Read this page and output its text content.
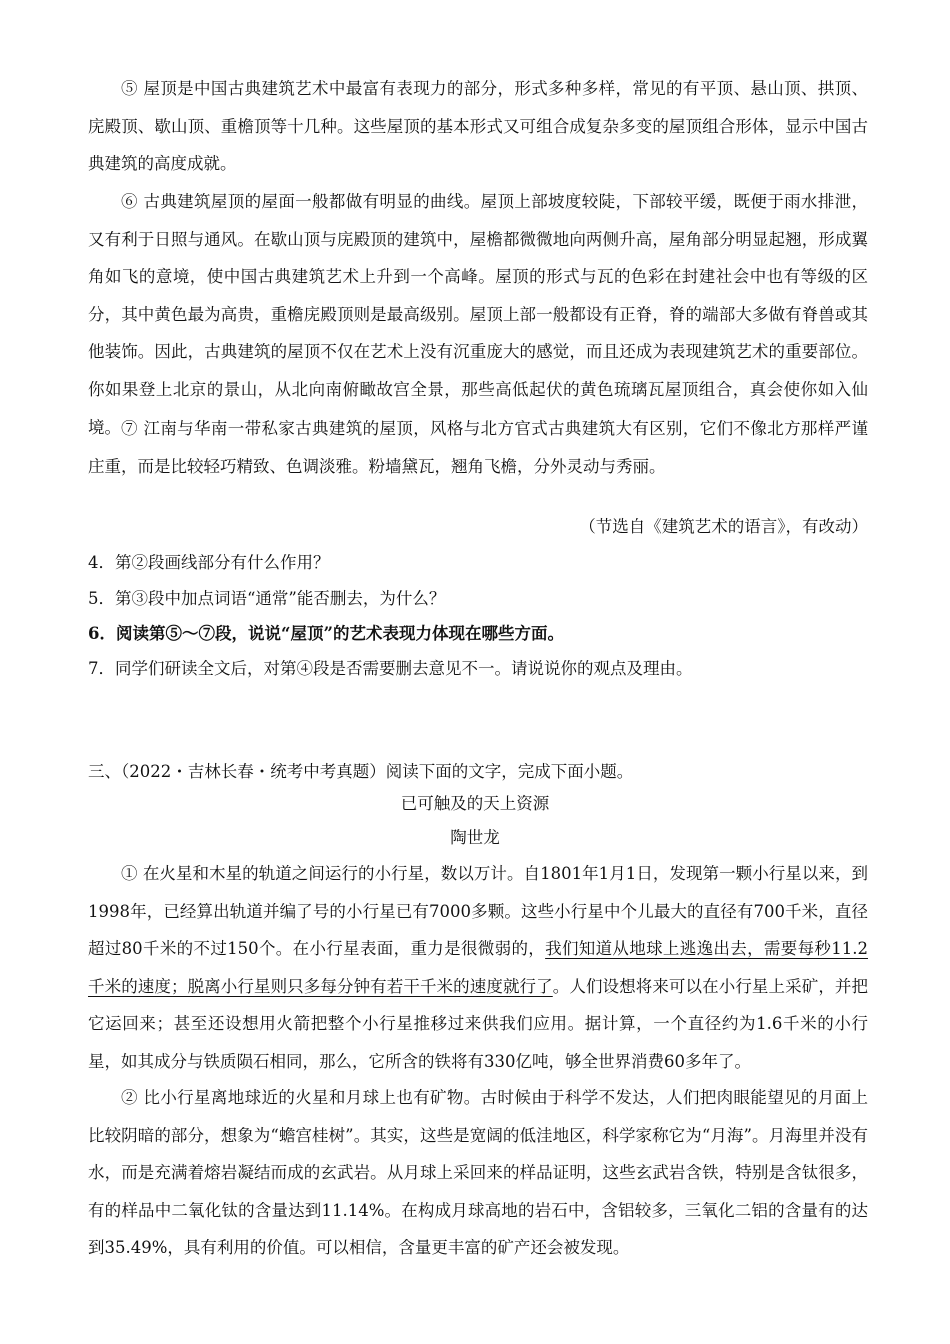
⑤ 屋顶是中国古典建筑艺术中最富有表现力的部分，形式多种多样，常见的有平顶、悬山顶、拱顶、庑殿顶、歇山顶、重檐顶等十几种。这些屋顶的基本形式又可组合成复杂多变的屋顶组合形体，显示中国古典建筑的高度成就。

⑥ 古典建筑屋顶的屋面一般都做有明显的曲线。屋顶上部坡度较陡，下部较平缓，既便于雨水排泄，又有利于日照与通风。在歇山顶与庑殿顶的建筑中，屋檐都微微地向两侧升高，屋角部分明显起翘，形成翼角如飞的意境，使中国古典建筑艺术上升到一个高峰。屋顶的形式与瓦的色彩在封建社会中也有等级的区分，其中黄色最为高贵，重檐庑殿顶则是最高级别。屋顶上部一般都设有正脊，脊的端部大多做有脊兽或其他装饰。因此，古典建筑的屋顶不仅在艺术上没有沉重庞大的感觉，而且还成为表现建筑艺术的重要部位。你如果登上北京的景山，从北向南俯瞰故宫全景，那些高低起伏的黄色琉璃瓦屋顶组合，真会使你如入仙境。 ⑦ 江南与华南一带私家古典建筑的屋顶，风格与北方官式古典建筑大有区别，它们不像北方那样严谨庄重，而是比较轻巧精致、色调淡雅。粉墙黛瓦，翘角飞檐，分外灵动与秀丽。

（节选自《建筑艺术的语言》，有改动）

4．第②段画线部分有什么作用？

5．第③段中加点词语“通常”能否删去，为什么？

6．阅读第⑤～⑦段，说说“屋顶”的艺术表现力体现在哪些方面。

7．同学们研读全文后，对第④段是否需要删去意见不一。请说说你的观点及理由。

三、（2022・吉林长春・统考中考真题）阅读下面的文字，完成下面小题。

已可触及的天上资源

陶世龙

① 在火星和木星的轨道之间运行的小行星，数以万计。自1801年1月1日，发现第一颗小行星以来，到1998年，已经算出轨道并编了号的小行星已有7000多颗。这些小行星中个儿最大的直径有700千米，直径超过80千米的不过150个。在小行星表面，重力是很微弱的，我们知道从地球上逃逸出去，需要每秒11.2千米的速度；脱离小行星则只多每分钟有若干千米的速度就行了。人们设想将来可以在小行星上采矿，并把它运回来；甚至还设想用火箭把整个小行星推移过来供我们应用。据计算，一个直径约为1.6千米的小行星，如其成分与铁质陨石相同，那么，它所含的铁将有330亿吨，够全世界消费60多年了。

② 比小行星离地球近的火星和月球上也有矿物。古时候由于科学不发达，人们把肉眼能望见的月面上比较阴暗的部分，想象为“蟾宫桂树”。其实，这些是宽阔的低洼地区，科学家称它为“月海”。月海里并没有水，而是充满着熔岩凝结而成的玄武岩。从月球上采回来的样品证明，这些玄武岩含铁，特别是含钛很多，有的样品中二氧化钛的含量达到11.14%。在构成月球高地的岩石中，含铝较多，三氧化二铝的含量有的达到35.49%，具有利用的价值。可以相信，含量更丰富的矿产还会被发现。
